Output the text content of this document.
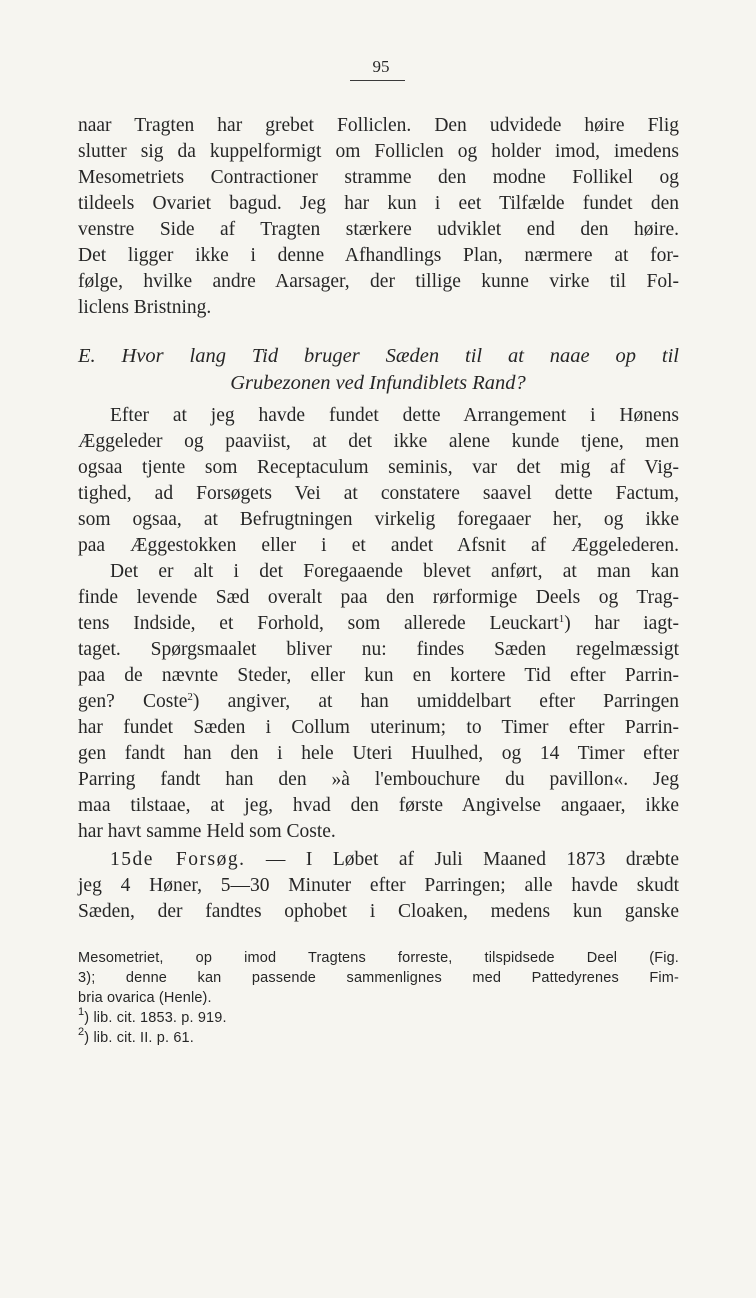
95
naar Tragten har grebet Folliclen. Den udvidede høire Flig
slutter sig da kuppelformigt om Folliclen og holder imod, imedens
Mesometriets Contractioner stramme den modne Follikel og
tildeels Ovariet bagud. Jeg har kun i eet Tilfælde fundet den
venstre Side af Tragten stærkere udviklet end den høire.
Det ligger ikke i denne Afhandlings Plan, nærmere at for-
følge, hvilke andre Aarsager, der tillige kunne virke til Fol-
liclens Bristning.
E. Hvor lang Tid bruger Sæden til at naae op til
Grubezonen ved Infundiblets Rand?
Efter at jeg havde fundet dette Arrangement i Hønens
Æggeleder og paaviist, at det ikke alene kunde tjene, men
ogsaa tjente som Receptaculum seminis, var det mig af Vig-
tighed, ad Forsøgets Vei at constatere saavel dette Factum,
som ogsaa, at Befrugtningen virkelig foregaaer her, og ikke
paa Æggestokken eller i et andet Afsnit af Æggelederen.
Det er alt i det Foregaaende blevet anført, at man kan
finde levende Sæd overalt paa den rørformige Deels og Trag-
tens Indside, et Forhold, som allerede Leuckart$^1$) har iagt-
taget. Spørgsmaalet bliver nu: findes Sæden regelmæssigt
paa de nævnte Steder, eller kun en kortere Tid efter Parrin-
gen? Coste$^2$) angiver, at han umiddelbart efter Parringen
har fundet Sæden i Collum uterinum; to Timer efter Parrin-
gen fandt han den i hele Uteri Huulhed, og 14 Timer efter
Parring fandt han den »à l'embouchure du pavillon«. Jeg
maa tilstaae, at jeg, hvad den første Angivelse angaaer, ikke
har havt samme Held som Coste.
15de Forsøg. — I Løbet af Juli Maaned 1873 dræbte
jeg 4 Høner, 5—30 Minuter efter Parringen; alle havde skudt
Sæden, der fandtes ophobet i Cloaken, medens kun ganske
Mesometriet, op imod Tragtens forreste, tilspidsede Deel (Fig.
3); denne kan passende sammenlignes med Pattedyrenes Fim-
bria ovarica (Henle).
$^1$) lib. cit. 1853. p. 919.
$^2$) lib. cit. II. p. 61.
